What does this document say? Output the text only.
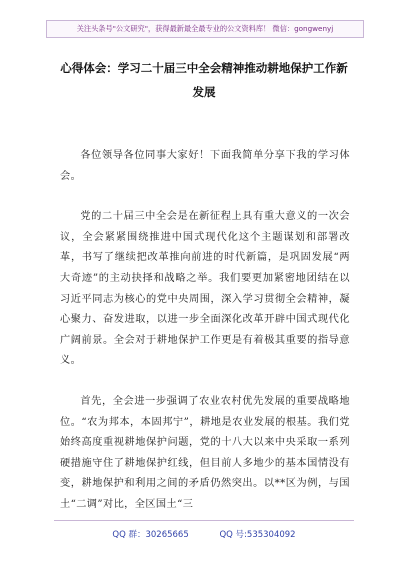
关注头条号"公文研究"，获得最新最全最专业的公文资料库！ 微信：gongwenyj
心得体会：学习二十届三中全会精神推动耕地保护工作新发展

各位领导各位同事大家好！下面我简单分享下我的学习体会。

党的二十届三中全会是在新征程上具有重大意义的一次会议，全会紧紧围绕推进中国式现代化这个主题谋划和部署改革，书写了继续把改革推向前进的时代新篇，是巩固发展“两大奇迹”的主动抉择和战略之举。我们要更加紧密地团结在以习近平同志为核心的党中央周围，深入学习贯彻全会精神，凝心聚力、奋发进取，以进一步全面深化改革开辟中国式现代化广阔前景。全会对于耕地保护工作更是有着极其重要的指导意义。

首先，全会进一步强调了农业农村优先发展的重要战略地位。“农为邦本，本固邦宁”，耕地是农业发展的根基。我们党始终高度重视耕地保护问题，党的十八大以来中央采取一系列硬措施守住了耕地保护红线，但目前人多地少的基本国情没有变，耕地保护和利用之间的矛盾仍然突出。以**区为例，与国土“二调”对比，全区国土“三

QQ 群：30265665	QQ 号:535304092
